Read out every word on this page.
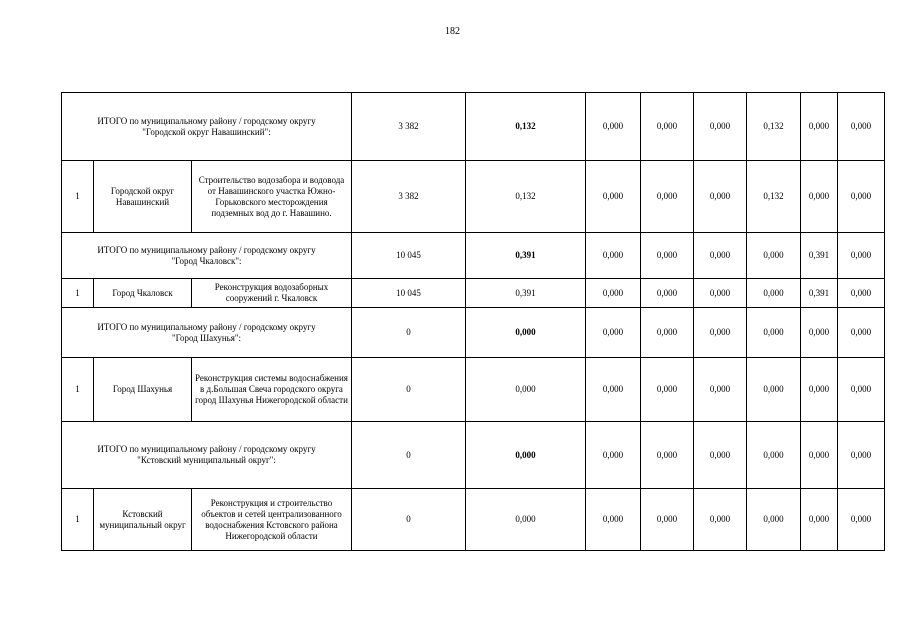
182
ИТОГО по муниципальному району / городскому округу
"Городской округ Навашинский":			3 382	0,132	0,000	0,000	0,000	0,132	0,000	0,000
1	Городской округ Навашинский	Строительство водозабора и водовода от Навашинского участка Южно-Горьковского месторождения подземных вод до г. Навашино.	3 382	0,132	0,000	0,000	0,000	0,132	0,000	0,000
ИТОГО по муниципальному району / городскому округу
"Город Чкаловск":			10 045	0,391	0,000	0,000	0,000	0,000	0,391	0,000
1	Город Чкаловск	Реконструкция водозаборных сооружений г. Чкаловск	10 045	0,391	0,000	0,000	0,000	0,000	0,391	0,000
ИТОГО по муниципальному району / городскому округу
"Город Шахунья":			0	0,000	0,000	0,000	0,000	0,000	0,000	0,000
1	Город Шахунья	Реконструкция системы водоснабжения в д.Большая Свеча городского округа город Шахунья Нижегородской области	0	0,000	0,000	0,000	0,000	0,000	0,000	0,000
ИТОГО по муниципальному району / городскому округу
"Кстовский муниципальный округ":			0	0,000	0,000	0,000	0,000	0,000	0,000	0,000
1	Кстовский муниципальный округ	Реконструкция и строительство объектов и сетей централизованного водоснабжения Кстовского района Нижегородской области	0	0,000	0,000	0,000	0,000	0,000	0,000	0,000
